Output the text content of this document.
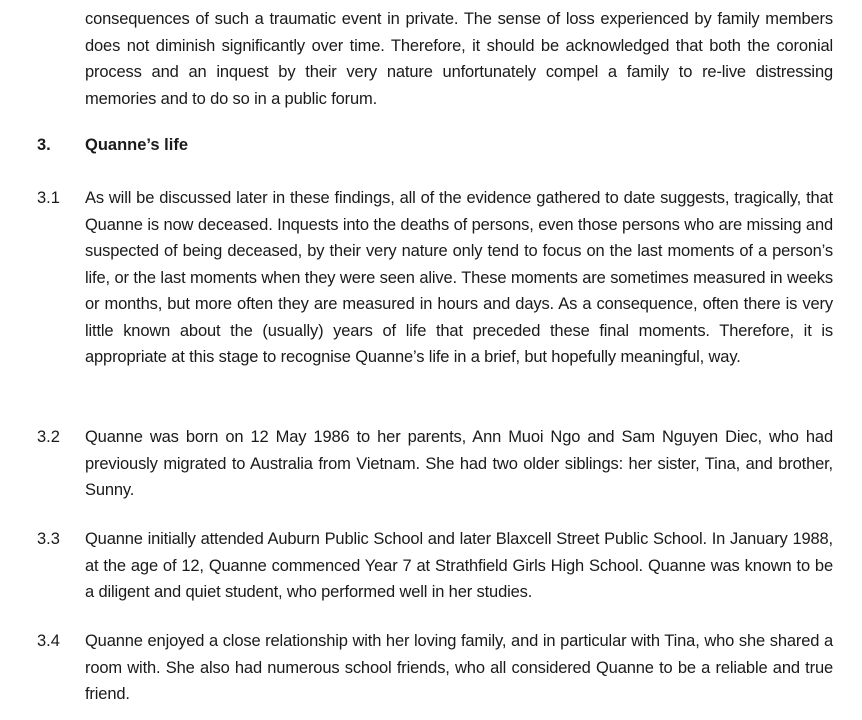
consequences of such a traumatic event in private. The sense of loss experienced by family members does not diminish significantly over time. Therefore, it should be acknowledged that both the coronial process and an inquest by their very nature unfortunately compel a family to re-live distressing memories and to do so in a public forum.
3. Quanne’s life
3.1 As will be discussed later in these findings, all of the evidence gathered to date suggests, tragically, that Quanne is now deceased. Inquests into the deaths of persons, even those persons who are missing and suspected of being deceased, by their very nature only tend to focus on the last moments of a person’s life, or the last moments when they were seen alive. These moments are sometimes measured in weeks or months, but more often they are measured in hours and days. As a consequence, often there is very little known about the (usually) years of life that preceded these final moments. Therefore, it is appropriate at this stage to recognise Quanne’s life in a brief, but hopefully meaningful, way.
3.2 Quanne was born on 12 May 1986 to her parents, Ann Muoi Ngo and Sam Nguyen Diec, who had previously migrated to Australia from Vietnam. She had two older siblings: her sister, Tina, and brother, Sunny.
3.3 Quanne initially attended Auburn Public School and later Blaxcell Street Public School. In January 1988, at the age of 12, Quanne commenced Year 7 at Strathfield Girls High School. Quanne was known to be a diligent and quiet student, who performed well in her studies.
3.4 Quanne enjoyed a close relationship with her loving family, and in particular with Tina, who she shared a room with. She also had numerous school friends, who all considered Quanne to be a reliable and true friend.
